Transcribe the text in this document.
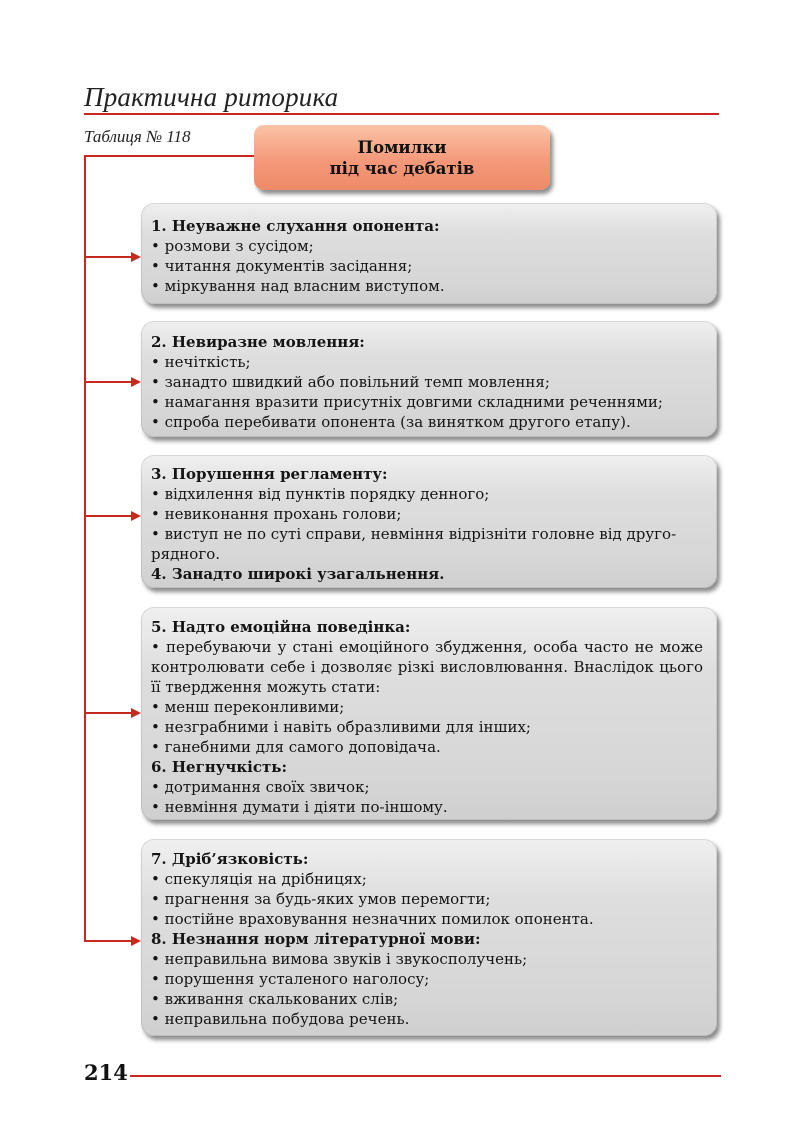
Практична риторика
Таблиця № 118
Помилки
під час дебатів
1. Неуважне слухання опонента:
• розмови з сусідом;
• читання документів засідання;
• міркування над власним виступом.
2. Невиразне мовлення:
• нечіткість;
• занадто швидкий або повільний темп мовлення;
• намагання вразити присутніх довгими складними реченнями;
• спроба перебивати опонента (за винятком другого етапу).
3. Порушення регламенту:
• відхилення від пунктів порядку денного;
• невиконання прохань голови;
• виступ не по суті справи, невміння відрізніти головне від друго-
рядного.
4. Занадто широкі узагальнення.
5. Надто емоційна поведінка:
• перебуваючи у стані емоційного збудження, особа часто не може контролювати себе і дозволяє різкі висловлювання. Внаслідок цього її твердження можуть стати:
• менш переконливими;
• незграбними і навіть образливими для інших;
• ганебними для самого доповідача.
6. Негнучкість:
• дотримання своїх звичок;
• невміння думати і діяти по-іншому.
7. Дріб’язковість:
• спекуляція на дрібницях;
• прагнення за будь-яких умов перемогти;
• постійне враховування незначних помилок опонента.
8. Незнання норм літературної мови:
• неправильна вимова звуків і звукосполучень;
• порушення усталеного наголосу;
• вживання скалькованих слів;
• неправильна побудова речень.
214
